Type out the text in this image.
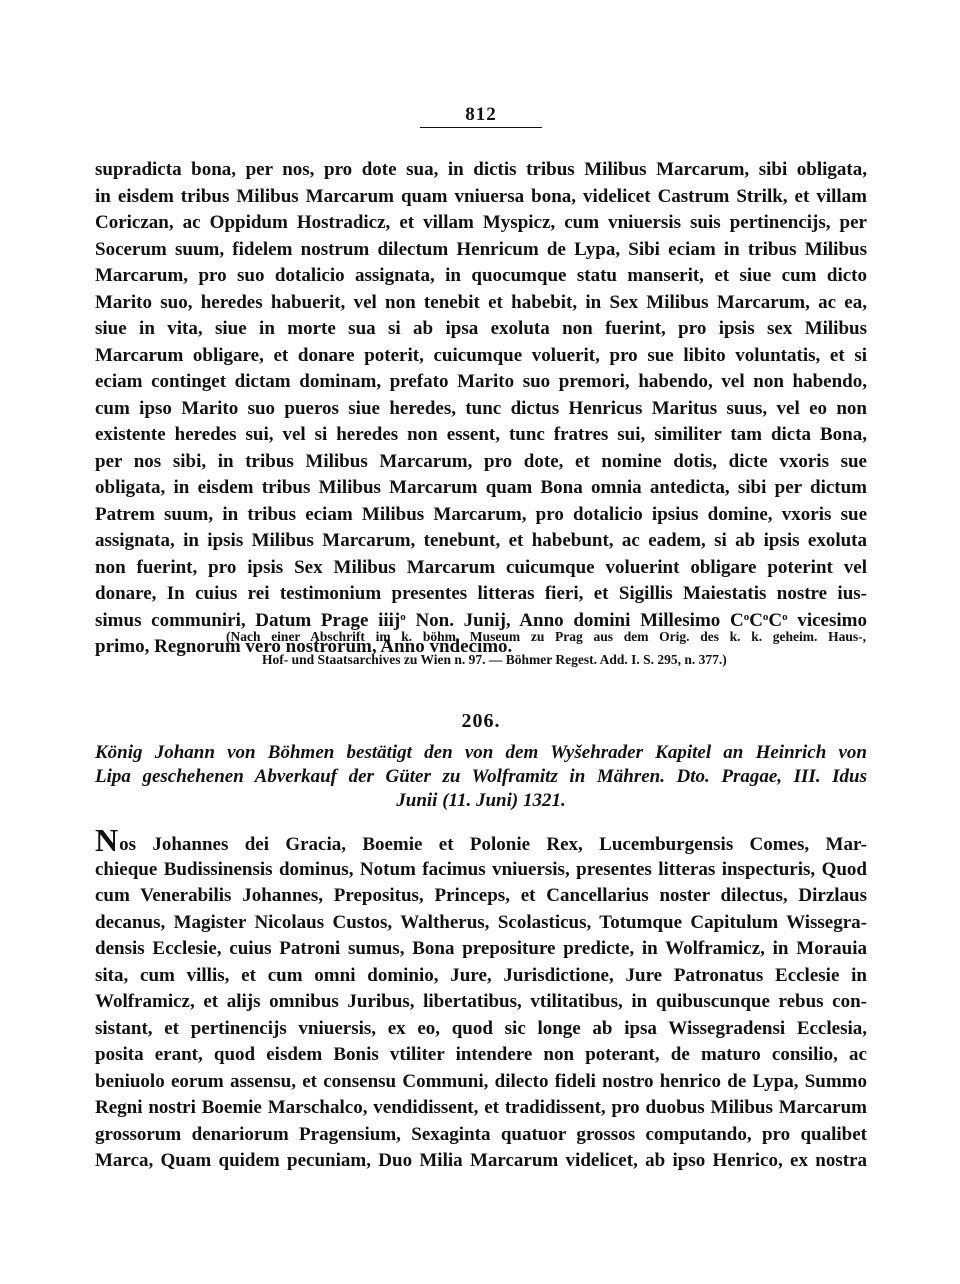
812
supradicta bona, per nos, pro dote sua, in dictis tribus Milibus Marcarum, sibi obligata,
in eisdem tribus Milibus Marcarum quam vniuersa bona, videlicet Castrum Strilk, et villam
Coriczan, ac Oppidum Hostradicz, et villam Myspicz, cum vniuersis suis pertinencijs, per
Socerum suum, fidelem nostrum dilectum Henricum de Lypa, Sibi eciam in tribus Milibus
Marcarum, pro suo dotalicio assignata, in quocumque statu manserit, et siue cum dicto
Marito suo, heredes habuerit, vel non tenebit et habebit, in Sex Milibus Marcarum, ac ea,
siue in vita, siue in morte sua si ab ipsa exoluta non fuerint, pro ipsis sex Milibus
Marcarum obligare, et donare poterit, cuicumque voluerit, pro sue libito voluntatis, et si
eciam continget dictam dominam, prefato Marito suo premori, habendo, vel non habendo,
cum ipso Marito suo pueros siue heredes, tunc dictus Henricus Maritus suus, vel eo non
existente heredes sui, vel si heredes non essent, tunc fratres sui, similiter tam dicta Bona,
per nos sibi, in tribus Milibus Marcarum, pro dote, et nomine dotis, dicte vxoris sue
obligata, in eisdem tribus Milibus Marcarum quam Bona omnia antedicta, sibi per dictum
Patrem suum, in tribus eciam Milibus Marcarum, pro dotalicio ipsius domine, vxoris sue
assignata, in ipsis Milibus Marcarum, tenebunt, et habebunt, ac eadem, si ab ipsis exoluta
non fuerint, pro ipsis Sex Milibus Marcarum cuicumque voluerint obligare poterint vel
donare, In cuius rei testimonium presentes litteras fieri, et Sigillis Maiestatis nostre ius-
simus communiri, Datum Prage iiij$^o$ Non. Junij, Anno domini Millesimo $C^oC^oC^o$ vicesimo
primo, Regnorum vero nostrorum, Anno vndecimo.
(Nach einer Abschrift im k. böhm. Museum zu Prag aus dem Orig. des k. k. geheim. Haus-,
Hof- und Staatsarchives zu Wien n. 97. — Böhmer Regest. Add. I. S. 295, n. 377.)
206.
König Johann von Böhmen bestätigt den von dem Wyšehrader Kapitel an Heinrich von
Lipa geschehenen Abverkauf der Güter zu Wolframitz in Mähren. Dto. Pragae, III. Idus
Junii (11. Juni) 1321.
Nos Johannes dei Gracia, Boemie et Polonie Rex, Lucemburgensis Comes, Mar-
chieque Budissinensis dominus, Notum facimus vniuersis, presentes litteras inspecturis, Quod
cum Venerabilis Johannes, Prepositus, Princeps, et Cancellarius noster dilectus, Dirzlaus
decanus, Magister Nicolaus Custos, Waltherus, Scolasticus, Totumque Capitulum Wissegra-
densis Ecclesie, cuius Patroni sumus, Bona prepositure predicte, in Wolframicz, in Morauia
sita, cum villis, et cum omni dominio, Jure, Jurisdictione, Jure Patronatus Ecclesie in
Wolframicz, et alijs omnibus Juribus, libertatibus, vtilitatibus, in quibuscunque rebus con-
sistant, et pertinencijs vniuersis, ex eo, quod sic longe ab ipsa Wissegradensi Ecclesia,
posita erant, quod eisdem Bonis vtiliter intendere non poterant, de maturo consilio, ac
beniuolo eorum assensu, et consensu Communi, dilecto fideli nostro henrico de Lypa, Summo
Regni nostri Boemie Marschalco, vendidissent, et tradidissent, pro duobus Milibus Marcarum
grossorum denariorum Pragensium, Sexaginta quatuor grossos computando, pro qualibet
Marca, Quam quidem pecuniam, Duo Milia Marcarum videlicet, ab ipso Henrico, ex nostra
